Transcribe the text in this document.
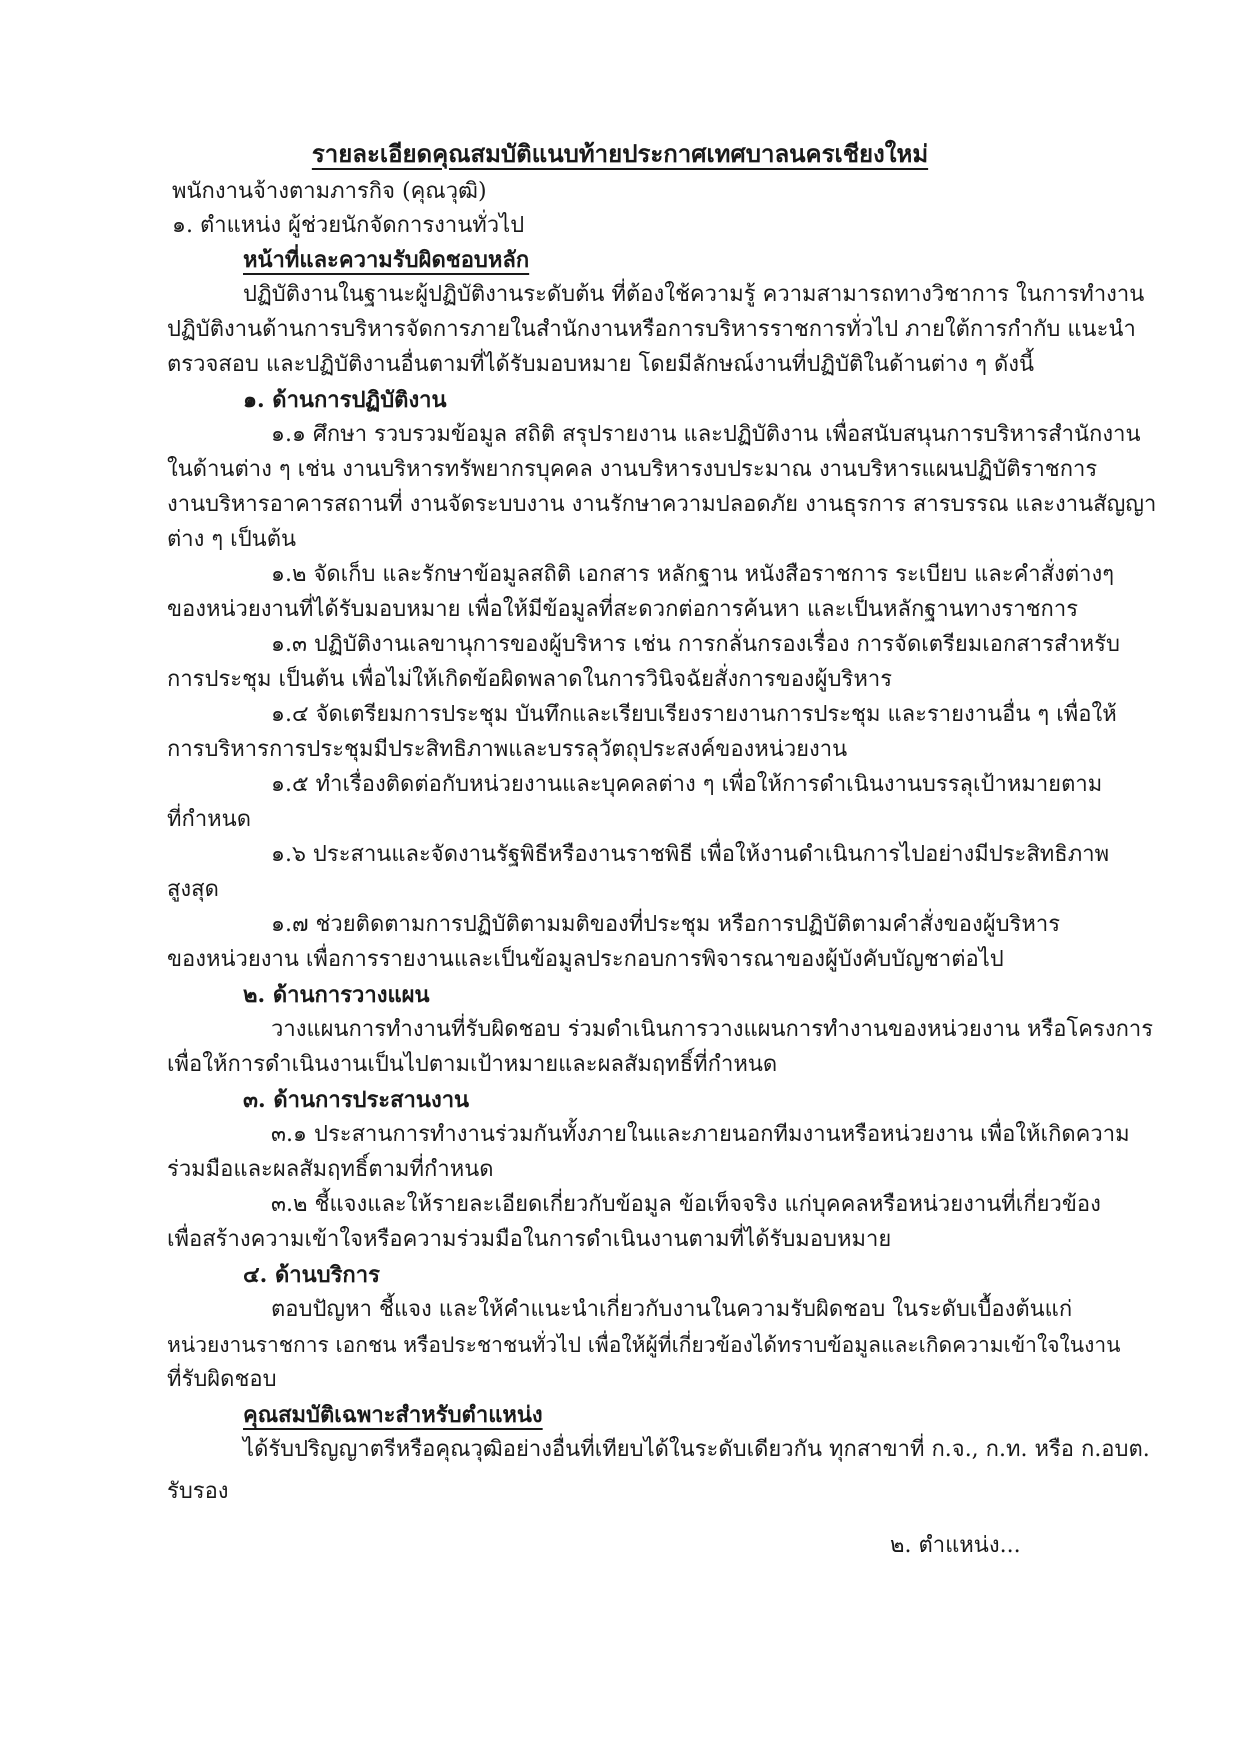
รายละเอียดคุณสมบัติแนบท้ายประกาศเทศบาลนครเชียงใหม่
พนักงานจ้างตามภารกิจ (คุณวุฒิ)
๑. ตำแหน่ง ผู้ช่วยนักจัดการงานทั่วไป
หน้าที่และความรับผิดชอบหลัก
ปฏิบัติงานในฐานะผู้ปฏิบัติงานระดับต้น ที่ต้องใช้ความรู้ ความสามารถทางวิชาการ ในการทำงาน
ปฏิบัติงานด้านการบริหารจัดการภายในสำนักงานหรือการบริหารราชการทั่วไป ภายใต้การกำกับ แนะนำ
ตรวจสอบ และปฏิบัติงานอื่นตามที่ได้รับมอบหมาย โดยมีลักษณ์งานที่ปฏิบัติในด้านต่าง ๆ ดังนี้
๑. ด้านการปฏิบัติงาน
๑.๑ ศึกษา รวบรวมข้อมูล สถิติ สรุปรายงาน และปฏิบัติงาน เพื่อสนับสนุนการบริหารสำนักงาน
ในด้านต่าง ๆ เช่น งานบริหารทรัพยากรบุคคล งานบริหารงบประมาณ งานบริหารแผนปฏิบัติราชการ
งานบริหารอาคารสถานที่ งานจัดระบบงาน งานรักษาความปลอดภัย งานธุรการ สารบรรณ และงานสัญญา
ต่าง ๆ เป็นต้น
๑.๒ จัดเก็บ และรักษาข้อมูลสถิติ เอกสาร หลักฐาน หนังสือราชการ ระเบียบ และคำสั่งต่างๆ
ของหน่วยงานที่ได้รับมอบหมาย เพื่อให้มีข้อมูลที่สะดวกต่อการค้นหา และเป็นหลักฐานทางราชการ
๑.๓ ปฏิบัติงานเลขานุการของผู้บริหาร เช่น การกลั่นกรองเรื่อง การจัดเตรียมเอกสารสำหรับ
การประชุม เป็นต้น เพื่อไม่ให้เกิดข้อผิดพลาดในการวินิจฉัยสั่งการของผู้บริหาร
๑.๔ จัดเตรียมการประชุม บันทึกและเรียบเรียงรายงานการประชุม และรายงานอื่น ๆ เพื่อให้
การบริหารการประชุมมีประสิทธิภาพและบรรลุวัตถุประสงค์ของหน่วยงาน
๑.๕ ทำเรื่องติดต่อกับหน่วยงานและบุคคลต่าง ๆ เพื่อให้การดำเนินงานบรรลุเป้าหมายตาม
ที่กำหนด
๑.๖ ประสานและจัดงานรัฐพิธีหรืองานราชพิธี เพื่อให้งานดำเนินการไปอย่างมีประสิทธิภาพ
สูงสุด
๑.๗ ช่วยติดตามการปฏิบัติตามมติของที่ประชุม หรือการปฏิบัติตามคำสั่งของผู้บริหาร
ของหน่วยงาน เพื่อการรายงานและเป็นข้อมูลประกอบการพิจารณาของผู้บังคับบัญชาต่อไป
๒. ด้านการวางแผน
วางแผนการทำงานที่รับผิดชอบ ร่วมดำเนินการวางแผนการทำงานของหน่วยงาน หรือโครงการ
เพื่อให้การดำเนินงานเป็นไปตามเป้าหมายและผลสัมฤทธิ์ที่กำหนด
๓. ด้านการประสานงาน
๓.๑ ประสานการทำงานร่วมกันทั้งภายในและภายนอกทีมงานหรือหน่วยงาน เพื่อให้เกิดความ
ร่วมมือและผลสัมฤทธิ์ตามที่กำหนด
๓.๒ ชี้แจงและให้รายละเอียดเกี่ยวกับข้อมูล ข้อเท็จจริง แก่บุคคลหรือหน่วยงานที่เกี่ยวข้อง
เพื่อสร้างความเข้าใจหรือความร่วมมือในการดำเนินงานตามที่ได้รับมอบหมาย
๔. ด้านบริการ
ตอบปัญหา ชี้แจง และให้คำแนะนำเกี่ยวกับงานในความรับผิดชอบ ในระดับเบื้องต้นแก่
หน่วยงานราชการ เอกชน หรือประชาชนทั่วไป เพื่อให้ผู้ที่เกี่ยวข้องได้ทราบข้อมูลและเกิดความเข้าใจในงาน
ที่รับผิดชอบ
คุณสมบัติเฉพาะสำหรับตำแหน่ง
ได้รับปริญญาตรีหรือคุณวุฒิอย่างอื่นที่เทียบได้ในระดับเดียวกัน ทุกสาขาที่ ก.จ., ก.ท. หรือ ก.อบต.
รับรอง
๒. ตำแหน่ง...
